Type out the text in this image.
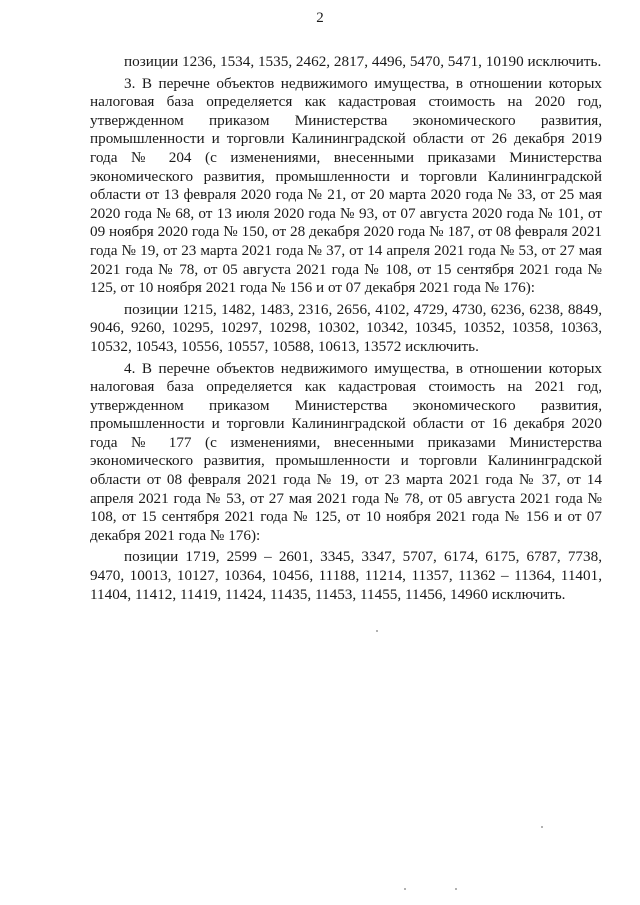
2

позиции 1236, 1534, 1535, 2462, 2817, 4496, 5470, 5471, 10190 исключить.

3. В перечне объектов недвижимого имущества, в отношении которых налоговая база определяется как кадастровая стоимость на 2020 год, утвержденном приказом Министерства экономического развития, промышленности и торговли Калининградской области от 26 декабря 2019 года № 204 (с изменениями, внесенными приказами Министерства экономического развития, промышленности и торговли Калининградской области от 13 февраля 2020 года № 21, от 20 марта 2020 года № 33, от 25 мая 2020 года № 68, от 13 июля 2020 года № 93, от 07 августа 2020 года № 101, от 09 ноября 2020 года № 150, от 28 декабря 2020 года № 187, от 08 февраля 2021 года № 19, от 23 марта 2021 года № 37, от 14 апреля 2021 года № 53, от 27 мая 2021 года № 78, от 05 августа 2021 года № 108, от 15 сентября 2021 года № 125, от 10 ноября 2021 года № 156 и от 07 декабря 2021 года № 176):

позиции 1215, 1482, 1483, 2316, 2656, 4102, 4729, 4730, 6236, 6238, 8849, 9046, 9260, 10295, 10297, 10298, 10302, 10342, 10345, 10352, 10358, 10363, 10532, 10543, 10556, 10557, 10588, 10613, 13572 исключить.

4. В перечне объектов недвижимого имущества, в отношении которых налоговая база определяется как кадастровая стоимость на 2021 год, утвержденном приказом Министерства экономического развития, промышленности и торговли Калининградской области от 16 декабря 2020 года № 177 (с изменениями, внесенными приказами Министерства экономического развития, промышленности и торговли Калининградской области от 08 февраля 2021 года № 19, от 23 марта 2021 года № 37, от 14 апреля 2021 года № 53, от 27 мая 2021 года № 78, от 05 августа 2021 года № 108, от 15 сентября 2021 года № 125, от 10 ноября 2021 года № 156 и от 07 декабря 2021 года № 176):

позиции 1719, 2599 – 2601, 3345, 3347, 5707, 6174, 6175, 6787, 7738, 9470, 10013, 10127, 10364, 10456, 11188, 11214, 11357, 11362 – 11364, 11401, 11404, 11412, 11419, 11424, 11435, 11453, 11455, 11456, 14960 исключить.
